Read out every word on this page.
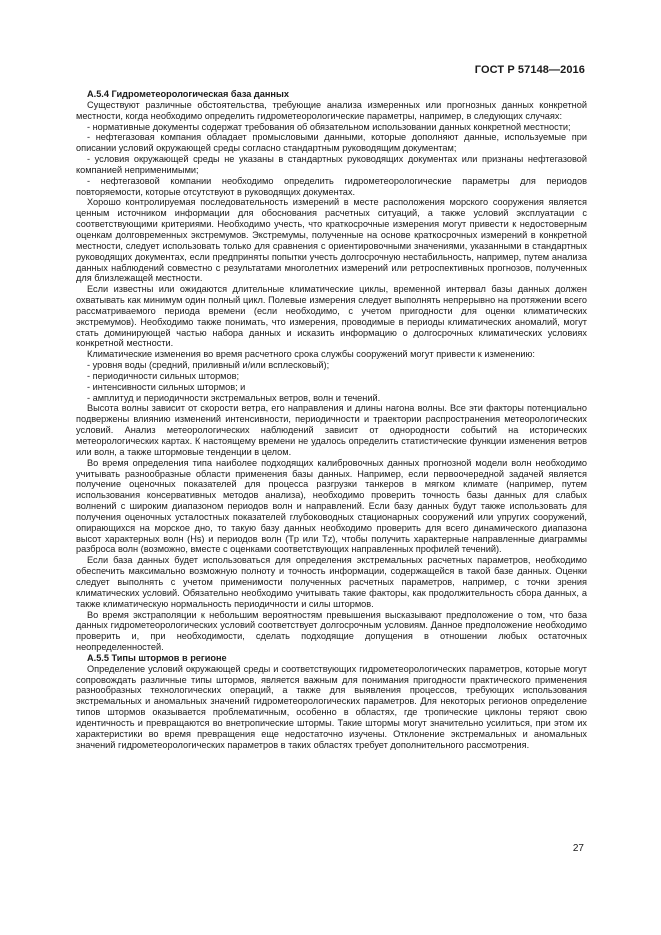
ГОСТ Р 57148—2016
А.5.4 Гидрометеорологическая база данных

Существуют различные обстоятельства, требующие анализа измеренных или прогнозных данных конкретной местности, когда необходимо определить гидрометеорологические параметры, например, в следующих случаях:

- нормативные документы содержат требования об обязательном использовании данных конкретной местности;

- нефтегазовая компания обладает промысловыми данными, которые дополняют данные, используемые при описании условий окружающей среды согласно стандартным руководящим документам;

- условия окружающей среды не указаны в стандартных руководящих документах или признаны нефтегазовой компанией неприменимыми;

- нефтегазовой компании необходимо определить гидрометеорологические параметры для периодов повторяемости, которые отсутствуют в руководящих документах.

Хорошо контролируемая последовательность измерений в месте расположения морского сооружения является ценным источником информации для обоснования расчетных ситуаций, а также условий эксплуатации с соответствующими критериями. Необходимо учесть, что краткосрочные измерения могут привести к недостоверным оценкам долговременных экстремумов. Экстремумы, полученные на основе краткосрочных измерений в конкретной местности, следует использовать только для сравнения с ориентировочными значениями, указанными в стандартных руководящих документах, если предприняты попытки учесть долгосрочную нестабильность, например, путем анализа данных наблюдений совместно с результатами многолетних измерений или ретроспективных прогнозов, полученных для близлежащей местности.

Если известны или ожидаются длительные климатические циклы, временной интервал базы данных должен охватывать как минимум один полный цикл. Полевые измерения следует выполнять непрерывно на протяжении всего рассматриваемого периода времени (если необходимо, с учетом пригодности для оценки климатических экстремумов). Необходимо также понимать, что измерения, проводимые в периоды климатических аномалий, могут стать доминирующей частью набора данных и исказить информацию о долгосрочных климатических условиях конкретной местности.

Климатические изменения во время расчетного срока службы сооружений могут привести к изменению:

- уровня воды (средний, приливный и/или всплесковый);

- периодичности сильных штормов;

- интенсивности сильных штормов; и

- амплитуд и периодичности экстремальных ветров, волн и течений.

Высота волны зависит от скорости ветра, его направления и длины нагона волны. Все эти факторы потенциально подвержены влиянию изменений интенсивности, периодичности и траектории распространения метеорологических условий. Анализ метеорологических наблюдений зависит от однородности событий на исторических метеорологических картах. К настоящему времени не удалось определить статистические функции изменения ветров или волн, а также штормовые тенденции в целом.

Во время определения типа наиболее подходящих калибровочных данных прогнозной модели волн необходимо учитывать разнообразные области применения базы данных. Например, если первоочередной задачей является получение оценочных показателей для процесса разгрузки танкеров в мягком климате (например, путем использования консервативных методов анализа), необходимо проверить точность базы данных для слабых волнений с широким диапазоном периодов волн и направлений. Если базу данных будут также использовать для получения оценочных усталостных показателей глубоководных стационарных сооружений или упругих сооружений, опирающихся на морское дно, то такую базу данных необходимо проверить для всего динамического диапазона высот характерных волн (Hs) и периодов волн (Tp или Tz), чтобы получить характерные направленные диаграммы разброса волн (возможно, вместе с оценками соответствующих направленных профилей течений).

Если база данных будет использоваться для определения экстремальных расчетных параметров, необходимо обеспечить максимально возможную полноту и точность информации, содержащейся в такой базе данных. Оценки следует выполнять с учетом применимости полученных расчетных параметров, например, с точки зрения климатических условий. Обязательно необходимо учитывать такие факторы, как продолжительность сбора данных, а также климатическую нормальность периодичности и силы штормов.

Во время экстраполяции к небольшим вероятностям превышения высказывают предположение о том, что база данных гидрометеорологических условий соответствует долгосрочным условиям. Данное предположение необходимо проверить и, при необходимости, сделать подходящие допущения в отношении любых остаточных неопределенностей.

А.5.5 Типы штормов в регионе

Определение условий окружающей среды и соответствующих гидрометеорологических параметров, которые могут сопровождать различные типы штормов, является важным для понимания пригодности практического применения разнообразных технологических операций, а также для выявления процессов, требующих использования экстремальных и аномальных значений гидрометеорологических параметров. Для некоторых регионов определение типов штормов оказывается проблематичным, особенно в областях, где тропические циклоны теряют свою идентичность и превращаются во внетропические штормы. Такие штормы могут значительно усилиться, при этом их характеристики во время превращения еще недостаточно изучены. Отклонение экстремальных и аномальных значений гидрометеорологических параметров в таких областях требует дополнительного рассмотрения.

27
